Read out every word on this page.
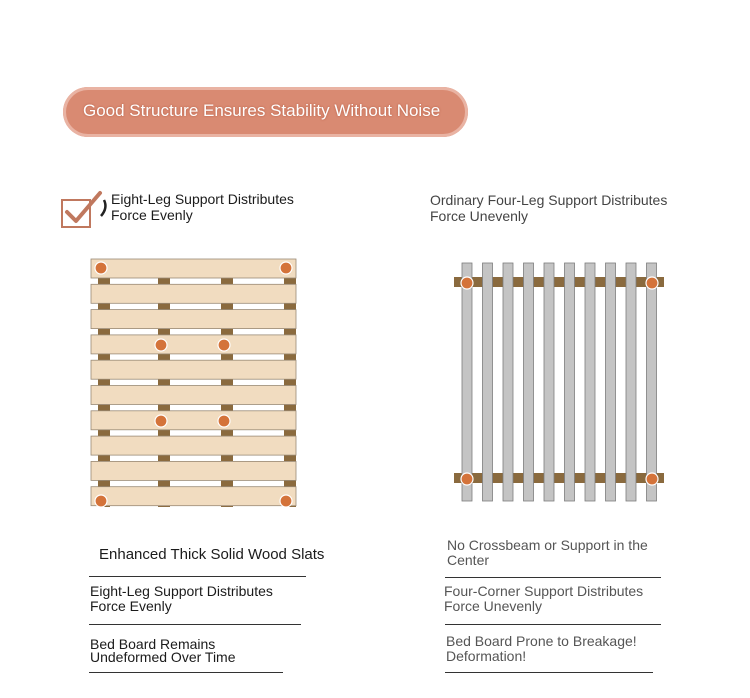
Good Structure Ensures Stability Without Noise
Eight-Leg Support Distributes Force Evenly
Enhanced Thick Solid Wood Slats
Eight-Leg Support Distributes Force Evenly
Bed Board Remains Undeformed Over Time
Ordinary Four-Leg Support Distributes Force Unevenly
No Crossbeam or Support in the Center
Four-Corner Support Distributes Force Unevenly
Bed Board Prone to Breakage! Deformation!
